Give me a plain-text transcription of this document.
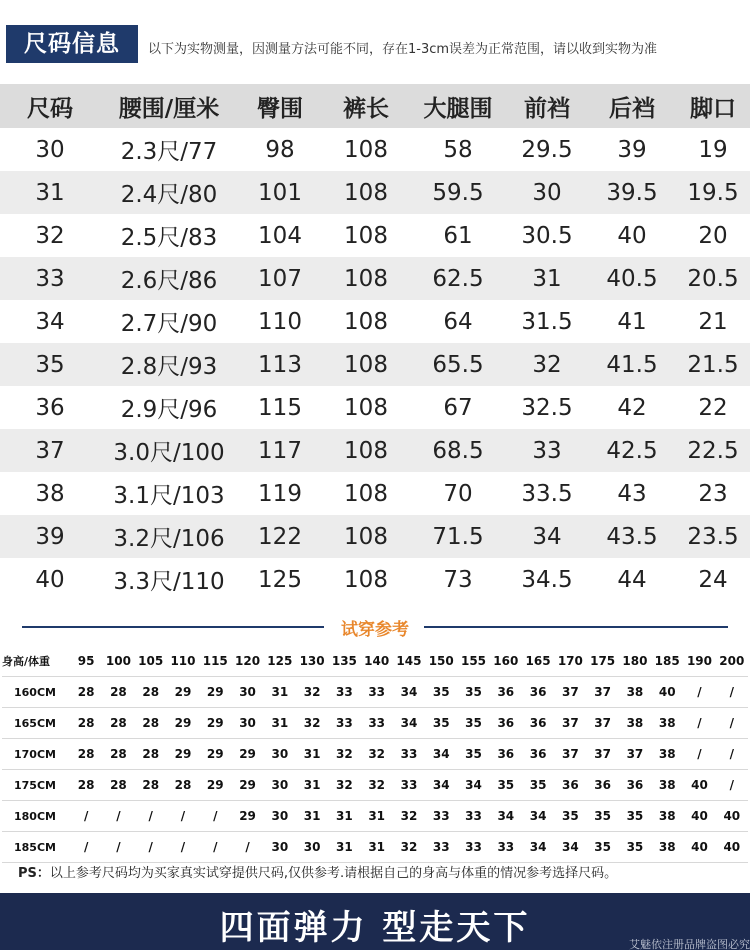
尺码信息	以下为实物测量，因测量方法可能不同，存在1-3cm误差为正常范围，请以收到实物为准
尺码	腰围/厘米	臀围	裤长	大腿围	前裆	后裆	脚口
30	2.3尺/77	98	108	58	29.5	39	19
31	2.4尺/80	101	108	59.5	30	39.5	19.5
32	2.5尺/83	104	108	61	30.5	40	20
33	2.6尺/86	107	108	62.5	31	40.5	20.5
34	2.7尺/90	110	108	64	31.5	41	21
35	2.8尺/93	113	108	65.5	32	41.5	21.5
36	2.9尺/96	115	108	67	32.5	42	22
37	3.0尺/100	117	108	68.5	33	42.5	22.5
38	3.1尺/103	119	108	70	33.5	43	23
39	3.2尺/106	122	108	71.5	34	43.5	23.5
40	3.3尺/110	125	108	73	34.5	44	24
试穿参考
身高/体重	95	100	105	110	115	120	125	130	135	140	145	150	155	160	165	170	175	180	185	190	200
160CM	28	28	28	29	29	30	31	32	33	33	34	35	35	36	36	37	37	38	40	/	/
165CM	28	28	28	29	29	30	31	32	33	33	34	35	35	36	36	37	37	38	38	/	/
170CM	28	28	28	29	29	29	30	31	32	32	33	34	35	36	36	37	37	37	38	/	/
175CM	28	28	28	28	29	29	30	31	32	32	33	34	34	35	35	36	36	36	38	40	/
180CM	/	/	/	/	/	29	30	31	31	31	32	33	33	34	34	35	35	35	38	40	40
185CM	/	/	/	/	/	/	30	30	31	31	32	33	33	33	34	34	35	35	38	40	40
PS：以上参考尺码均为买家真实试穿提供尺码,仅供参考.请根据自己的身高与体重的情况参考选择尺码。
四面弹力 型走天下	艾魅依注册品牌盗图必究
